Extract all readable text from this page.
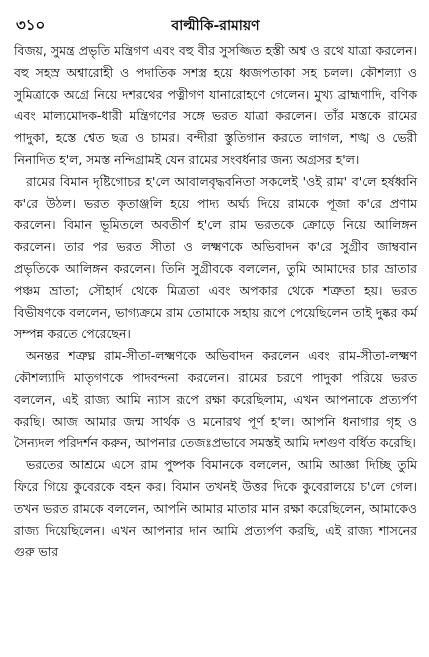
৩১০	বাল্মীকি-রামায়ণ

বিজয়, সুমন্ত্র প্রভৃতি মন্ত্রিগণ এবং বহু বীর সুসজ্জিত হস্তী অশ্ব ও রথে যাত্রা করলেন। বহু সহস্র অশ্বারোহী ও পদাতিক সশস্ত্র হয়ে ধ্বজপতাকা সহ চলল। কৌশল্যা ও সুমিত্রাকে অগ্রে নিয়ে দশরথের পত্নীগণ যানারোহণে গেলেন। মুখ্য ব্রাহ্মণাদি, বণিক এবং মাল্যমোদক-ধারী মন্ত্রিগণের সঙ্গে ভরত যাত্রা করলেন। তাঁর মস্তকে রামের পাদুকা, হস্তে শ্বেত ছত্র ও চামর। বন্দীরা স্তুতিগান করতে লাগল, শঙ্খ ও ভেরী নিনাদিত হ'ল, সমস্ত নন্দিগ্রামই যেন রামের সংবর্ধনার জন্য অগ্রসর হ'ল।

রামের বিমান দৃষ্টিগোচর হ'লে আবালবৃদ্ধবনিতা সকলেই 'ওই রাম' ব'লে হর্ষধ্বনি ক'রে উঠল। ভরত কৃতাঞ্জলি হয়ে পাদ্য অর্ঘ্য দিয়ে রামকে পূজা ক'রে প্রণাম করলেন। বিমান ভূমিতলে অবতীর্ণ হ'লে রাম ভরতকে ক্রোড়ে নিয়ে আলিঙ্গন করলেন। তার পর ভরত সীতা ও লক্ষ্মণকে অভিবাদন ক'রে সুগ্রীব জাম্ববান প্রভৃতিকে আলিঙ্গন করলেন। তিনি সুগ্রীবকে বললেন, তুমি আমাদের চার ভ্রাতার পঞ্চম ভ্রাতা; সৌহার্দ থেকে মিত্রতা এবং অপকার থেকে শত্রুতা হয়। ভরত বিভীষণকে বললেন, ভাগ্যক্রমে রাম তোমাকে সহায় রূপে পেয়েছিলেন তাই দুষ্কর কর্ম সম্পন্ন করতে পেরেছেন।

অনন্তর শত্রুঘ্ন রাম-সীতা-লক্ষ্মণকে অভিবাদন করলেন এবং রাম-সীতা-লক্ষ্মণ কৌশল্যাদি মাতৃগণকে পাদবন্দনা করলেন। রামের চরণে পাদুকা পরিয়ে ভরত বললেন, এই রাজ্য আমি ন্যাস রূপে রক্ষা করেছিলাম, এখন আপনাকে প্রত্যর্পণ করছি। আজ আমার জন্ম সার্থক ও মনোরথ পূর্ণ হ'ল। আপনি ধনাগার গৃহ ও সৈন্যদল পরিদর্শন করুন, আপনার তেজঃপ্রভাবে সমস্তই আমি দশগুণ বর্ধিত করেছি।

ভরতের আশ্রমে এসে রাম পুষ্পক বিমানকে বললেন, আমি আজ্ঞা দিচ্ছি তুমি ফিরে গিয়ে কুবেরকে বহন কর। বিমান তখনই উত্তর দিকে কুবেরালয়ে চ'লে গেল। তখন ভরত রামকে বললেন, আপনি আমার মাতার মান রক্ষা করেছিলেন, আমাকেও রাজ্য দিয়েছিলেন। এখন আপনার দান আমি প্রত্যর্পণ করছি, এই রাজ্য শাসনের গুরু ভার
